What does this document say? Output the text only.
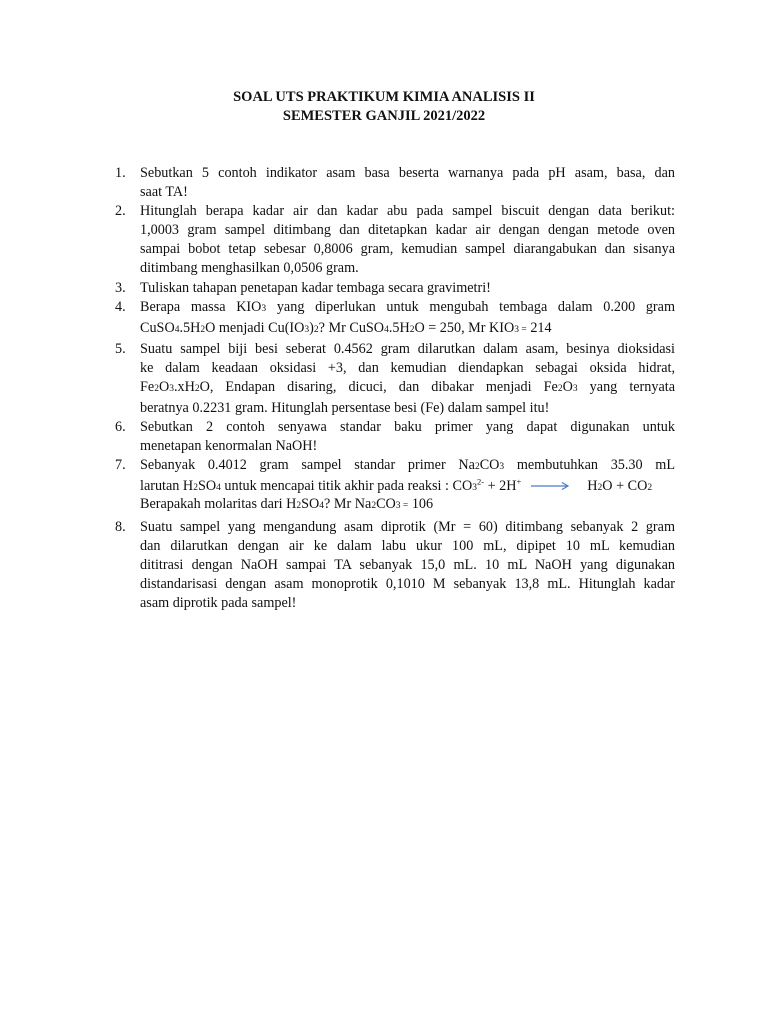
SOAL UTS PRAKTIKUM KIMIA ANALISIS II
SEMESTER GANJIL 2021/2022
1. Sebutkan 5 contoh indikator asam basa beserta warnanya pada pH asam, basa, dan
saat TA!
2. Hitunglah berapa kadar air dan kadar abu pada sampel biscuit dengan data berikut:
1,0003 gram sampel ditimbang dan ditetapkan kadar air dengan dengan metode oven
sampai bobot tetap sebesar 0,8006 gram, kemudian sampel diarangabukan dan sisanya
ditimbang menghasilkan 0,0506 gram.
3. Tuliskan tahapan penetapan kadar tembaga secara gravimetri!
4. Berapa massa KIO3 yang diperlukan untuk mengubah tembaga dalam 0.200 gram
CuSO4.5H2O menjadi Cu(IO3)2? Mr CuSO4.5H2O = 250, Mr KIO3 = 214
5. Suatu sampel biji besi seberat 0.4562 gram dilarutkan dalam asam, besinya dioksidasi
ke dalam keadaan oksidasi +3, dan kemudian diendapkan sebagai oksida hidrat,
Fe2O3.xH2O, Endapan disaring, dicuci, dan dibakar menjadi Fe2O3 yang ternyata
beratnya 0.2231 gram. Hitunglah persentase besi (Fe) dalam sampel itu!
6. Sebutkan 2 contoh senyawa standar baku primer yang dapat digunakan untuk
menetapan kenormalan NaOH!
7. Sebanyak 0.4012 gram sampel standar primer Na2CO3 membutuhkan 35.30 mL
larutan H2SO4 untuk mencapai titik akhir pada reaksi : $CO3^{2-} + 2H^+$	H2O + CO2
Berapakah molaritas dari H2SO4? Mr Na2CO3 = 106
8. Suatu sampel yang mengandung asam diprotik (Mr = 60) ditimbang sebanyak 2 gram
dan dilarutkan dengan air ke dalam labu ukur 100 mL, dipipet 10 mL kemudian
dititrasi dengan NaOH sampai TA sebanyak 15,0 mL. 10 mL NaOH yang digunakan
distandarisasi dengan asam monoprotik 0,1010 M sebanyak 13,8 mL. Hitunglah kadar
asam diprotik pada sampel!
